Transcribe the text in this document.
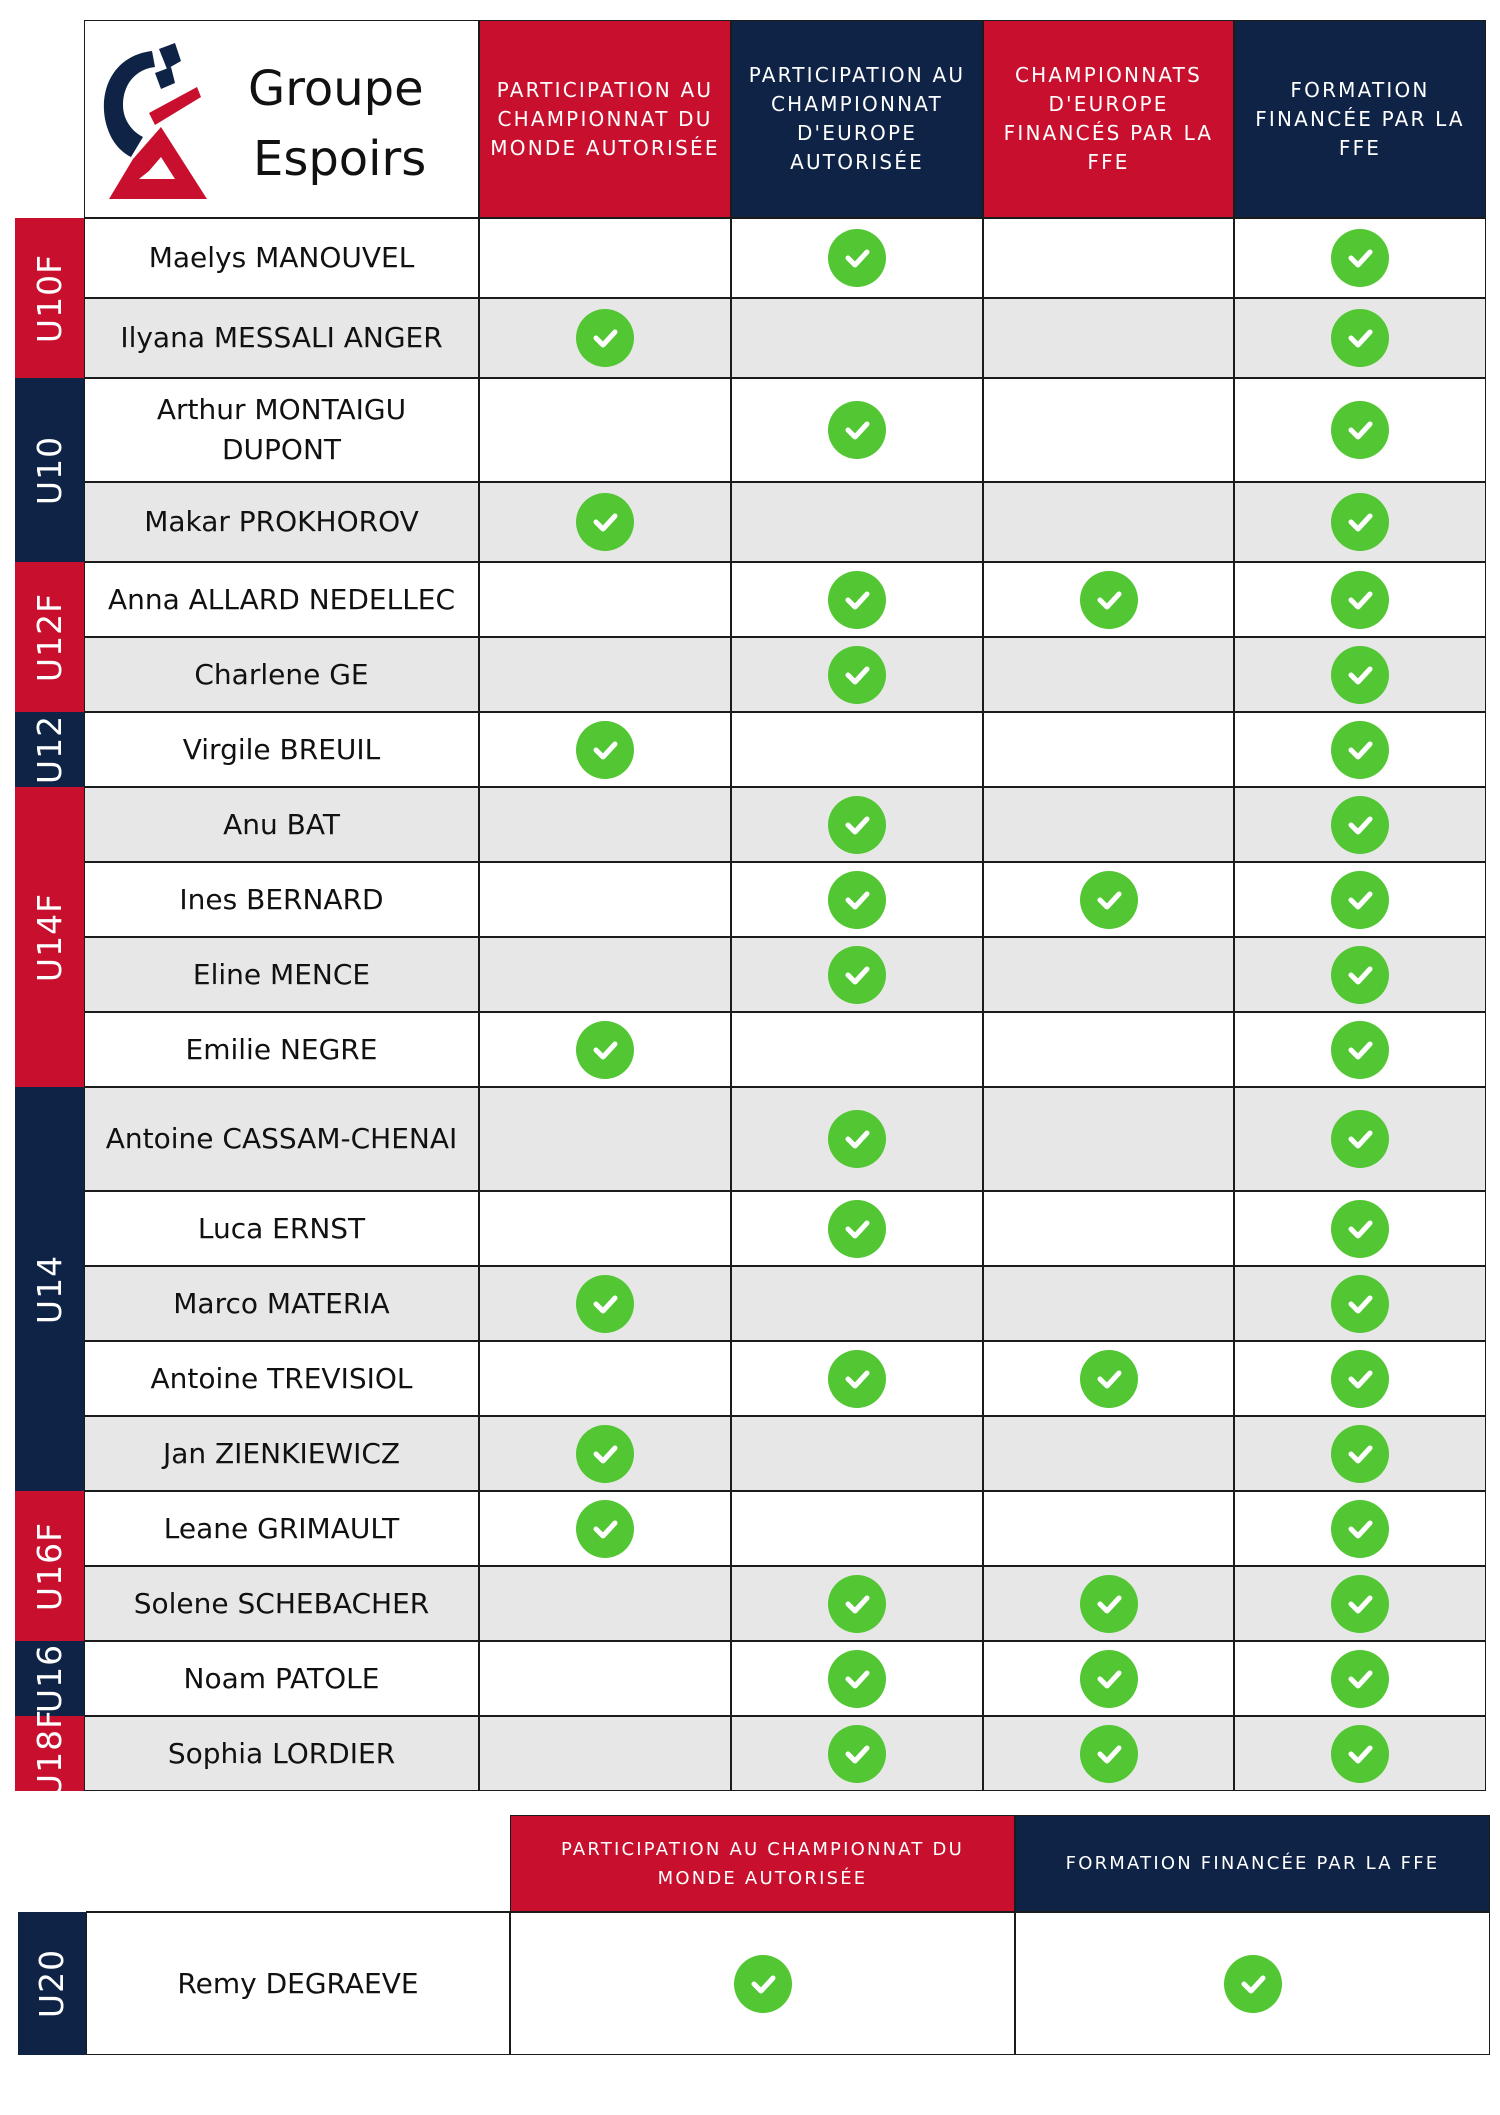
Groupe
Espoirs
PARTICIPATION AU CHAMPIONNAT DU MONDE AUTORISÉE
PARTICIPATION AU CHAMPIONNAT D'EUROPE AUTORISÉE
CHAMPIONNATS D'EUROPE FINANCÉS PAR LA FFE
FORMATION FINANCÉE PAR LA FFE
Maelys MANOUVEL
Ilyana MESSALI ANGER
Arthur MONTAIGU DUPONT
Makar PROKHOROV
Anna ALLARD NEDELLEC
Charlene GE
Virgile BREUIL
Anu BAT
Ines BERNARD
Eline MENCE
Emilie NEGRE
Antoine CASSAM-CHENAI
Luca ERNST
Marco MATERIA
Antoine TREVISIOL
Jan ZIENKIEWICZ
Leane GRIMAULT
Solene SCHEBACHER
Noam PATOLE
Sophia LORDIER
U10F
U10
U12F
U12
U14F
U14
U16F
U16
U18F
PARTICIPATION AU CHAMPIONNAT DU MONDE AUTORISÉE
FORMATION FINANCÉE PAR LA FFE
U20	Remy DEGRAEVE
